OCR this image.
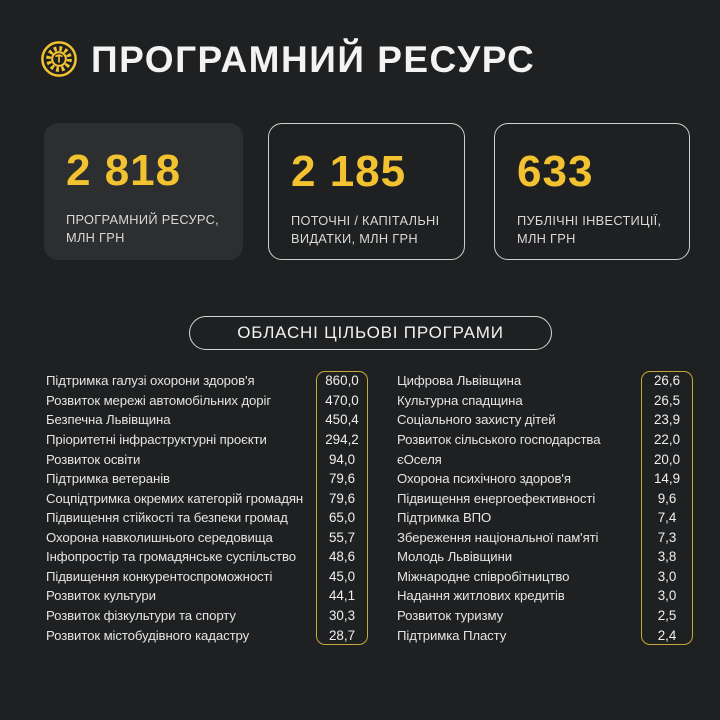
ПРОГРАМНИЙ РЕСУРС
2 818
ПРОГРАМНИЙ РЕСУРС, МЛН ГРН
2 185
ПОТОЧНІ / КАПІТАЛЬНІ ВИДАТКИ, МЛН ГРН
633
ПУБЛІЧНІ ІНВЕСТИЦІЇ, МЛН ГРН
ОБЛАСНІ ЦІЛЬОВІ ПРОГРАМИ
Підтримка галузі охорони здоров'я	860,0
Розвиток мережі автомобільних доріг	470,0
Безпечна Львівщина	450,4
Пріоритетні інфраструктурні проєкти	294,2
Розвиток освіти	94,0
Підтримка ветеранів	79,6
Соцпідтримка окремих категорій громадян	79,6
Підвищення стійкості та безпеки громад	65,0
Охорона навколишнього середовища	55,7
Інфопростір та громадянське суспільство	48,6
Підвищення конкурентоспроможності	45,0
Розвиток культури	44,1
Розвиток фізкультури та спорту	30,3
Розвиток містобудівного кадастру	28,7
Цифрова Львівщина	26,6
Культурна спадщина	26,5
Соціального захисту дітей	23,9
Розвиток сільського господарства	22,0
єОселя	20,0
Охорона психічного здоров'я	14,9
Підвищення енергоефективності	9,6
Підтримка ВПО	7,4
Збереження національної пам'яті	7,3
Молодь Львівщини	3,8
Міжнародне співробітництво	3,0
Надання житлових кредитів	3,0
Розвиток туризму	2,5
Підтримка Пласту	2,4
